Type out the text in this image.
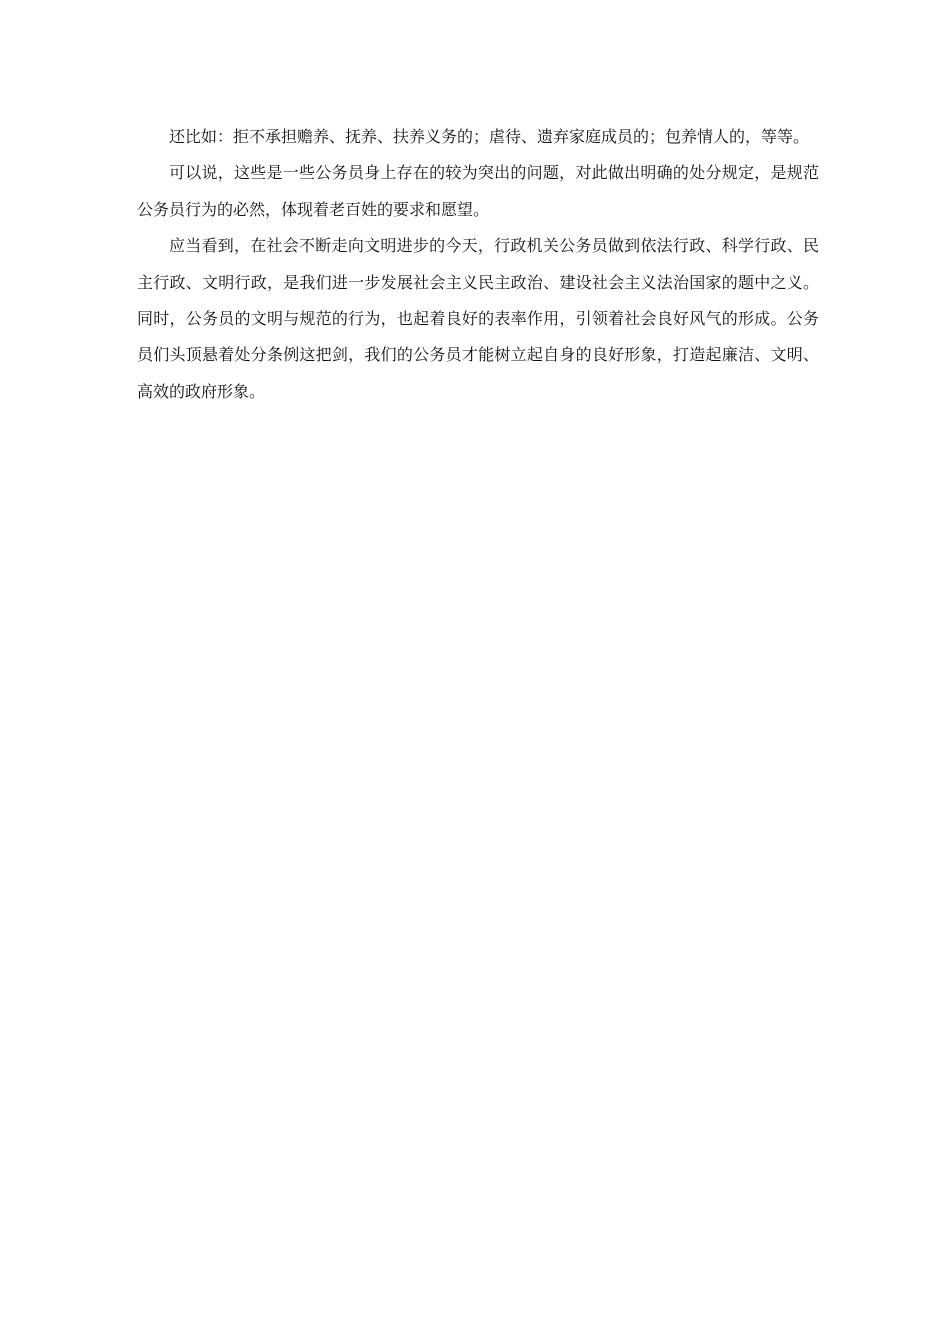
还比如：拒不承担赡养、抚养、扶养义务的；虐待、遗弃家庭成员的；包养情人的，等等。

可以说，这些是一些公务员身上存在的较为突出的问题，对此做出明确的处分规定，是规范公务员行为的必然，体现着老百姓的要求和愿望。

应当看到，在社会不断走向文明进步的今天，行政机关公务员做到依法行政、科学行政、民主行政、文明行政，是我们进一步发展社会主义民主政治、建设社会主义法治国家的题中之义。同时，公务员的文明与规范的行为，也起着良好的表率作用，引领着社会良好风气的形成。公务员们头顶悬着处分条例这把剑，我们的公务员才能树立起自身的良好形象，打造起廉洁、文明、高效的政府形象。
